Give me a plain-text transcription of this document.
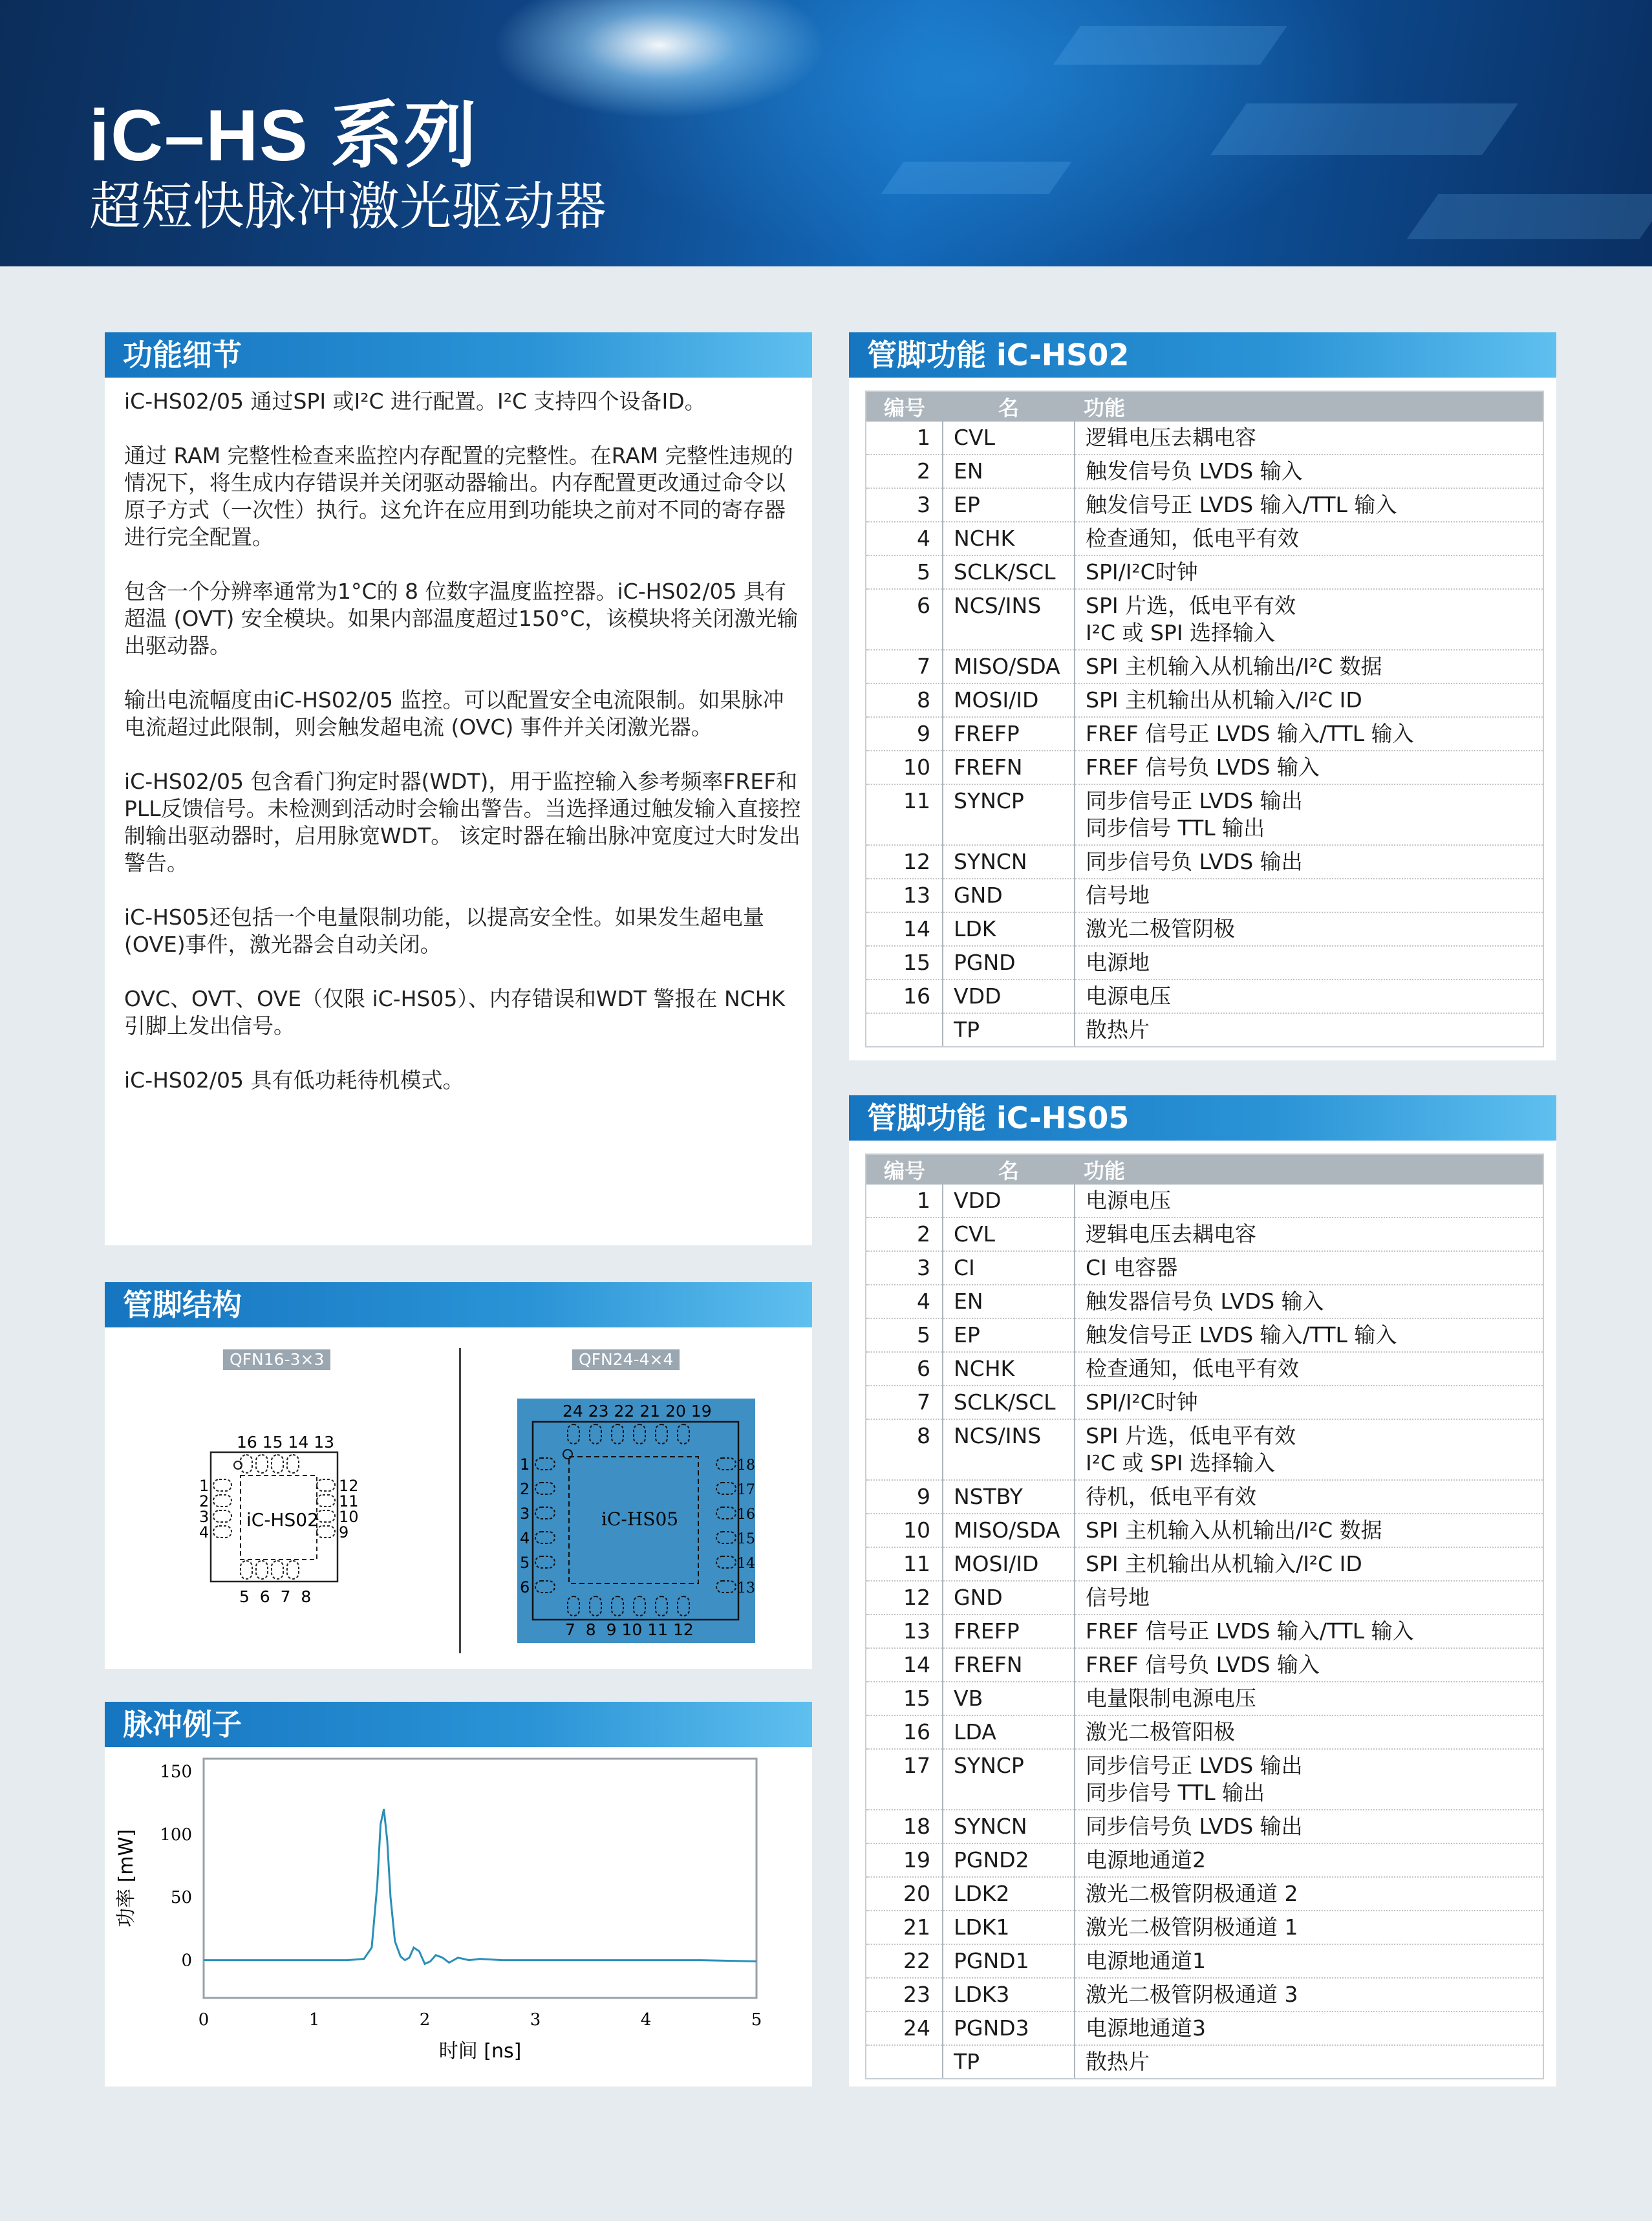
iC–HS 系列
超短快脉冲激光驱动器
功能细节

iC-HS02/05 通过SPI 或I²C 进行配置。I²C 支持四个设备ID。

通过 RAM 完整性检查来监控内存配置的完整性。在RAM 完整性违规的情况下，将生成内存错误并关闭驱动器输出。内存配置更改通过命令以原子方式（一次性）执行。这允许在应用到功能块之前对不同的寄存器进行完全配置。

包含一个分辨率通常为1°C的 8 位数字温度监控器。iC-HS02/05 具有超温 (OVT) 安全模块。如果内部温度超过150°C，该模块将关闭激光输出驱动器。

输出电流幅度由iC-HS02/05 监控。可以配置安全电流限制。如果脉冲电流超过此限制，则会触发超电流 (OVC) 事件并关闭激光器。

iC-HS02/05 包含看门狗定时器(WDT)，用于监控输入参考频率FREF和PLL反馈信号。未检测到活动时会输出警告。当选择通过触发输入直接控制输出驱动器时，启用脉宽WDT。 该定时器在输出脉冲宽度过大时发出警告。

iC-HS05还包括一个电量限制功能，以提高安全性。如果发生超电量 (OVE)事件，激光器会自动关闭。

OVC、OVT、OVE（仅限 iC-HS05）、内存错误和WDT 警报在 NCHK 引脚上发出信号。

iC-HS02/05 具有低功耗待机模式。

管脚结构
QFN16-3×3	QFN24-4×4
16 15 14 13
iC-HS02
1
2
3
4
12
11
10
9
5  6  7  8
24 23 22 21 20 19
iC-HS05
1
2
3
4
5
6
18
17
16
15
14
13
7  8  9 10 11 12
脉冲例子
0	1	2	3	4	5
0
50
100
150
时间 [ns]
功率 [mW]
管脚功能 iC-HS02
编号	名	功能
1	CVL	逻辑电压去耦电容
2	EN	触发信号负 LVDS 输入
3	EP	触发信号正 LVDS 输入/TTL 输入
4	NCHK	检查通知，低电平有效
5	SCLK/SCL	SPI/I²C时钟
6	NCS/INS	SPI 片选，低电平有效
I²C 或 SPI 选择输入
7	MISO/SDA	SPI 主机输入从机输出/I²C 数据
8	MOSI/ID	SPI 主机输出从机输入/I²C ID
9	FREFP	FREF 信号正 LVDS 输入/TTL 输入
10	FREFN	FREF 信号负 LVDS 输入
11	SYNCP	同步信号正 LVDS 输出
同步信号 TTL 输出
12	SYNCN	同步信号负 LVDS 输出
13	GND	信号地
14	LDK	激光二极管阴极
15	PGND	电源地
16	VDD	电源电压
	TP	散热片
管脚功能 iC-HS05
编号	名	功能
1	VDD	电源电压
2	CVL	逻辑电压去耦电容
3	CI	CI 电容器
4	EN	触发器信号负 LVDS 输入
5	EP	触发信号正 LVDS 输入/TTL 输入
6	NCHK	检查通知，低电平有效
7	SCLK/SCL	SPI/I²C时钟
8	NCS/INS	SPI 片选，低电平有效
I²C 或 SPI 选择输入
9	NSTBY	待机，低电平有效
10	MISO/SDA	SPI 主机输入从机输出/I²C 数据
11	MOSI/ID	SPI 主机输出从机输入/I²C ID
12	GND	信号地
13	FREFP	FREF 信号正 LVDS 输入/TTL 输入
14	FREFN	FREF 信号负 LVDS 输入
15	VB	电量限制电源电压
16	LDA	激光二极管阳极
17	SYNCP	同步信号正 LVDS 输出
同步信号 TTL 输出
18	SYNCN	同步信号负 LVDS 输出
19	PGND2	电源地通道2
20	LDK2	激光二极管阴极通道 2
21	LDK1	激光二极管阴极通道 1
22	PGND1	电源地通道1
23	LDK3	激光二极管阴极通道 3
24	PGND3	电源地通道3
	TP	散热片
